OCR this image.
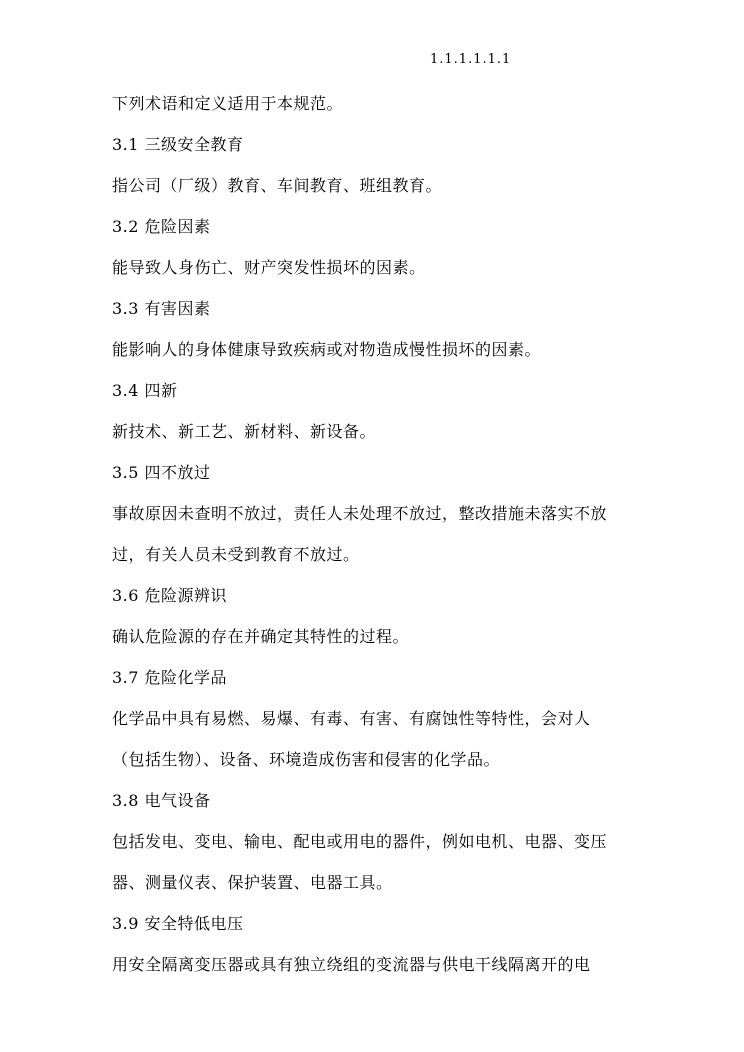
1.1.1.1.1.1

下列术语和定义适用于本规范。

3.1 三级安全教育

指公司（厂级）教育、车间教育、班组教育。

3.2 危险因素

能导致人身伤亡、财产突发性损坏的因素。

3.3 有害因素

能影响人的身体健康导致疾病或对物造成慢性损坏的因素。

3.4 四新

新技术、新工艺、新材料、新设备。

3.5 四不放过

事故原因未查明不放过，责任人未处理不放过，整改措施未落实不放

过，有关人员未受到教育不放过。

3.6 危险源辨识

确认危险源的存在并确定其特性的过程。

3.7 危险化学品

化学品中具有易燃、易爆、有毒、有害、有腐蚀性等特性，会对人

（包括生物）、设备、环境造成伤害和侵害的化学品。

3.8 电气设备

包括发电、变电、输电、配电或用电的器件，例如电机、电器、变压

器、测量仪表、保护装置、电器工具。

3.9 安全特低电压

用安全隔离变压器或具有独立绕组的变流器与供电干线隔离开的电
